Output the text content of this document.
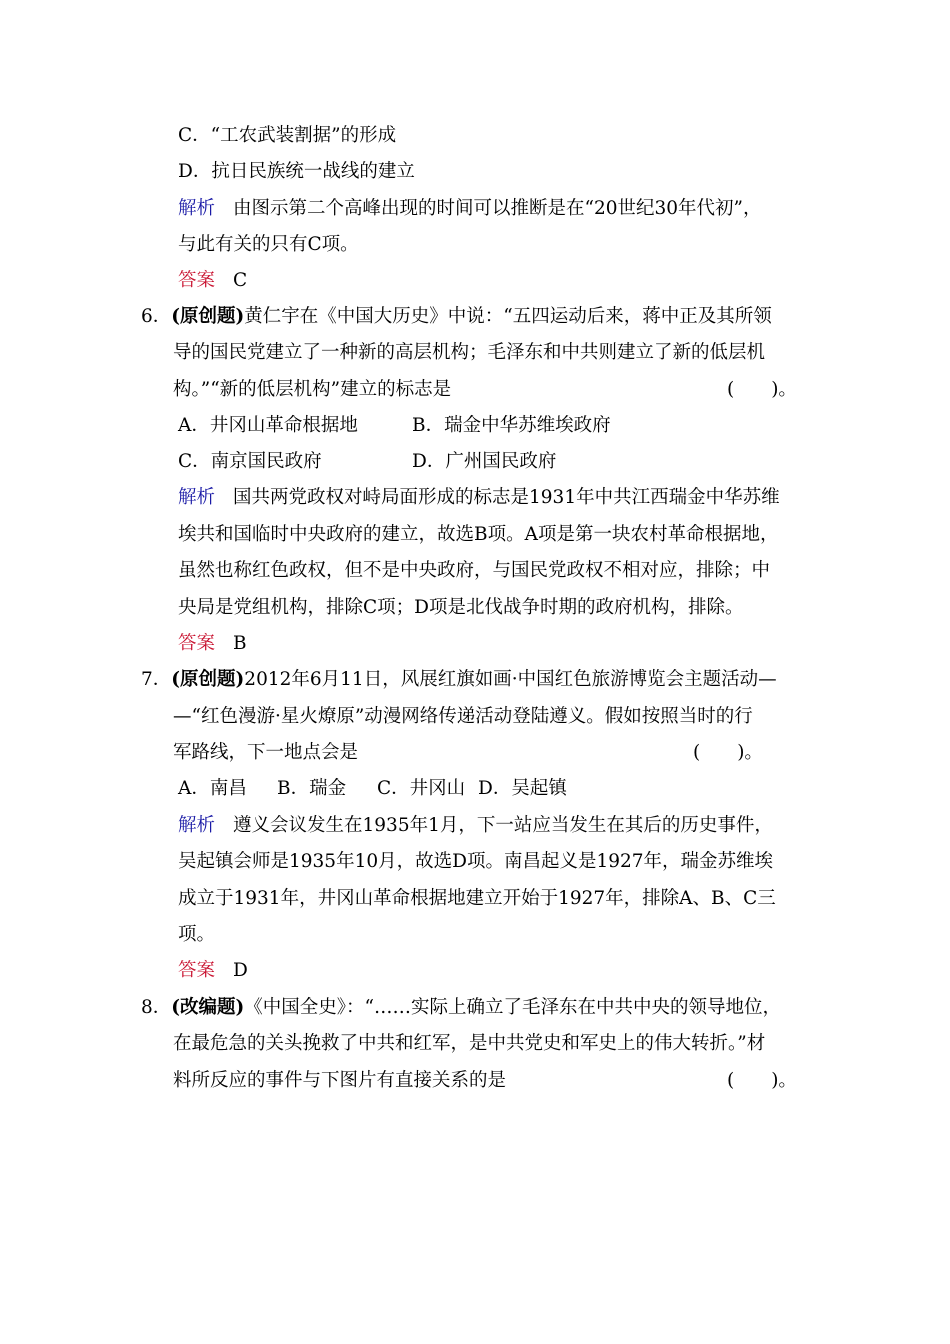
C．“工农武装割据”的形成
D．抗日民族统一战线的建立
解析 由图示第二个高峰出现的时间可以推断是在“20世纪30年代初”，
与此有关的只有C项。
答案 C
6．(原创题)黄仁宇在《中国大历史》中说：“五四运动后来，蒋中正及其所领
导的国民党建立了一种新的高层机构；毛泽东和中共则建立了新的低层机
构。”“新的低层机构”建立的标志是	(　　)。
A．井冈山革命根据地	B．瑞金中华苏维埃政府
C．南京国民政府	D．广州国民政府
解析 国共两党政权对峙局面形成的标志是1931年中共江西瑞金中华苏维
埃共和国临时中央政府的建立，故选B项。A项是第一块农村革命根据地，
虽然也称红色政权，但不是中央政府，与国民党政权不相对应，排除；中
央局是党组机构，排除C项；D项是北伐战争时期的政府机构，排除。
答案 B
7．(原创题)2012年6月11日，风展红旗如画·中国红色旅游博览会主题活动—
—“红色漫游·星火燎原”动漫网络传递活动登陆遵义。假如按照当时的行
军路线，下一地点会是	(　　)。
A．南昌 B．瑞金 C．井冈山 D．吴起镇
解析 遵义会议发生在1935年1月，下一站应当发生在其后的历史事件，
吴起镇会师是1935年10月，故选D项。南昌起义是1927年，瑞金苏维埃
成立于1931年，井冈山革命根据地建立开始于1927年，排除A、B、C三
项。
答案 D
8．(改编题)《中国全史》：“……实际上确立了毛泽东在中共中央的领导地位，
在最危急的关头挽救了中共和红军，是中共党史和军史上的伟大转折。”材
料所反应的事件与下图片有直接关系的是	(　　)。
